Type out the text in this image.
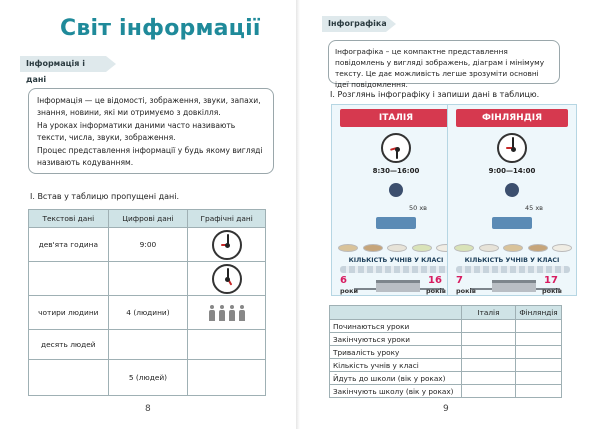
Світ інформації
Інформація і дані

Інформація — це відомості, зображення, звуки, запахи, знання, новини, які ми отримуємо з довкілля.

На уроках інформатики даними часто називають тексти, числа, звуки, зображення.

Процес представлення інформації у будь якому вигляді називають кодуванням.

І. Встав у таблицю пропущені дані.
Текстові дані	Цифрові дані	Графічні дані
дев'ята година	9:00	

чотири людини	4 (людини)	

десять людей		
	5 (людей)	
8
Інфографіка
Інфографіка – це компактне представлення повідомлень у вигляді зображень, діаграм і мінімуму тексту. Це дає можливість легше зрозуміти основні ідеї повідомлення.
I. Розглянь інфографіку і запиши дані в таблицю.
ІТАЛІЯ
8:30—16:00
50 хв
КІЛЬКІСТЬ УЧНІВ У КЛАСІ
6
роки
16
років
ФІНЛЯНДІЯ
9:00—14:00
45 хв
КІЛЬКІСТЬ УЧНІВ У КЛАСІ
7
років
17
років
	Італія	Фінляндія
Починаються уроки		
Закінчуються уроки		
Тривалість уроку		
Кількість учнів у класі		
Йдуть до школи (вік у роках)		
Закінчують школу (вік у роках)		
9
